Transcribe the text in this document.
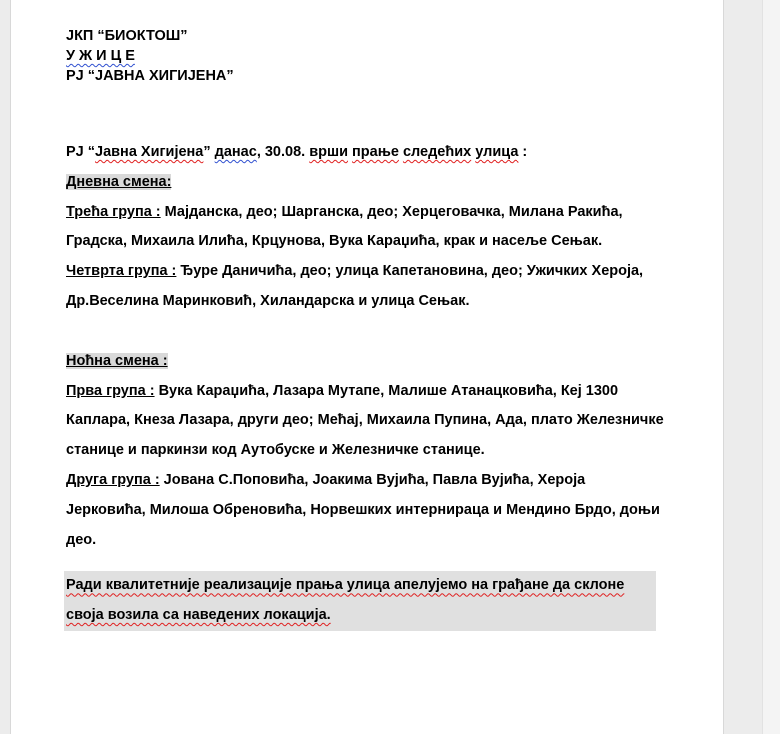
ЈКП “БИОКТОШ”
У Ж И Ц Е
РЈ “ЈАВНА ХИГИЈЕНА”
РЈ “Јавна Хигијена” данас, 30.08. врши прање следећих улица :
Дневна смена:
Трећа група : Мајданска, део; Шарганска, део; Херцеговачка, Милана Ракића, Градска, Михаила Илића, Крцунова, Вука Караџића, крак и насеље Сењак.
Четврта група : Ђуре Даничића, део; улица Капетановина, део; Ужичких Хероја, Др.Веселина Маринковић, Хиландарска и улица Сењак.
Ноћна смена :
Прва група : Вука Караџића, Лазара Мутапе, Малише Атанацковића, Кеј 1300 Каплара, Кнеза Лазара, други део; Мећај, Михаила Пупина, Ада, плато Железничке станице и паркинзи код Аутобуске и Железничке станице.
Друга група : Јована С.Поповића, Јоакима Вујића, Павла Вујића, Хероја Јерковића, Милоша Обреновића, Норвешких интернираца и Мендино Брдо, доњи део.
Ради квалитетније реализације прања улица апелујемо на грађане да склоне своја возила са наведених локација.
